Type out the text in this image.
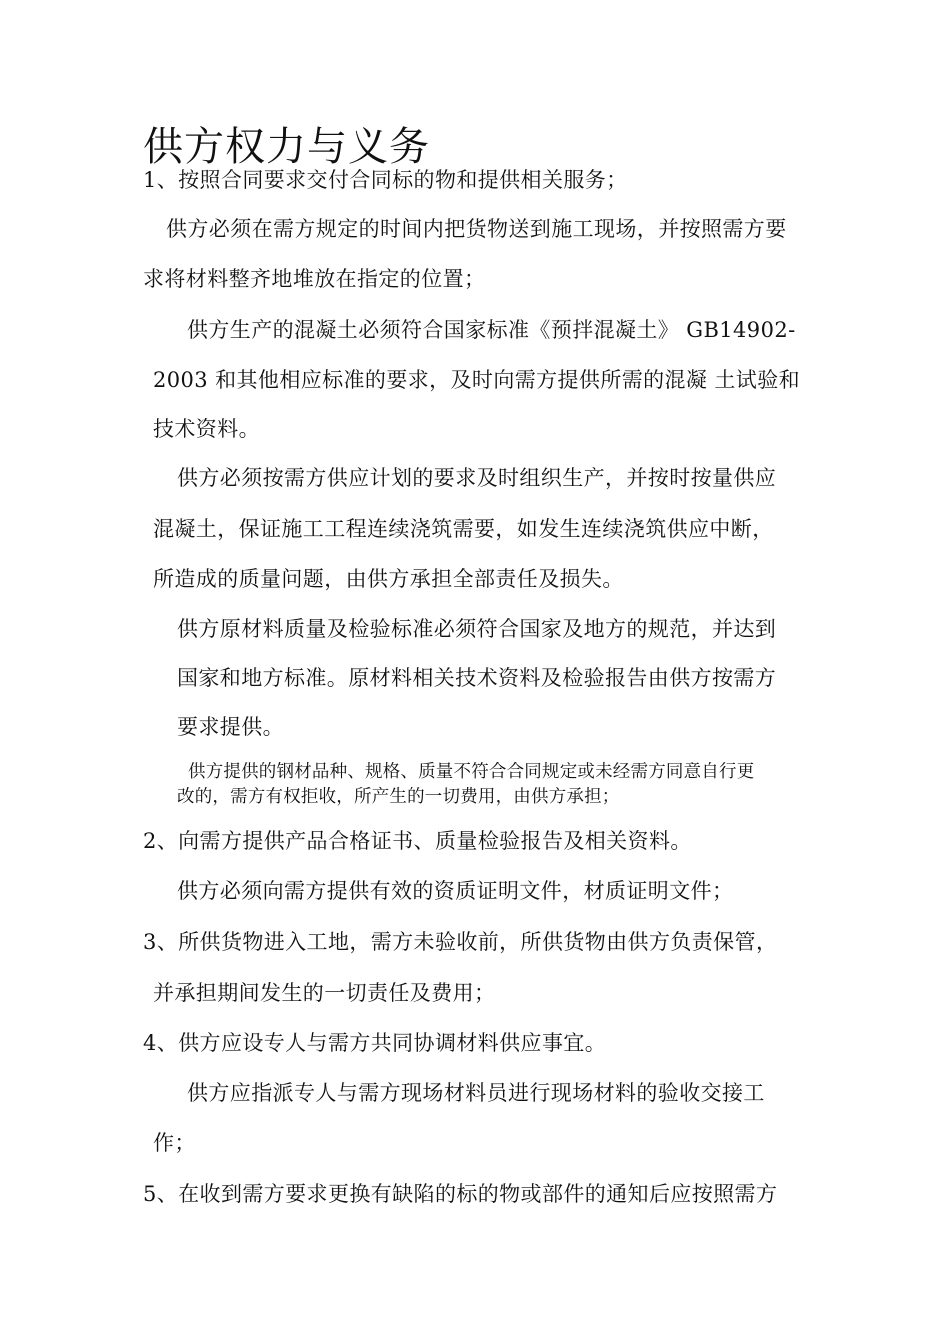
供方权力与义务
1、按照合同要求交付合同标的物和提供相关服务；
供方必须在需方规定的时间内把货物送到施工现场，并按照需方要
求将材料整齐地堆放在指定的位置；
供方生产的混凝土必须符合国家标准《预拌混凝土》 GB14902-
2003 和其他相应标准的要求，及时向需方提供所需的混凝 土试验和
技术资料。
供方必须按需方供应计划的要求及时组织生产，并按时按量供应
混凝土，保证施工工程连续浇筑需要，如发生连续浇筑供应中断，
所造成的质量问题，由供方承担全部责任及损失。
供方原材料质量及检验标准必须符合国家及地方的规范，并达到
国家和地方标准。原材料相关技术资料及检验报告由供方按需方
要求提供。
供方提供的钢材品种、规格、质量不符合合同规定或未经需方同意自行更
改的，需方有权拒收，所产生的一切费用，由供方承担；
2、向需方提供产品合格证书、质量检验报告及相关资料。
供方必须向需方提供有效的资质证明文件，材质证明文件；
3、所供货物进入工地，需方未验收前，所供货物由供方负责保管，
并承担期间发生的一切责任及费用；
4、供方应设专人与需方共同协调材料供应事宜。
供方应指派专人与需方现场材料员进行现场材料的验收交接工
作；
5、在收到需方要求更换有缺陷的标的物或部件的通知后应按照需方
